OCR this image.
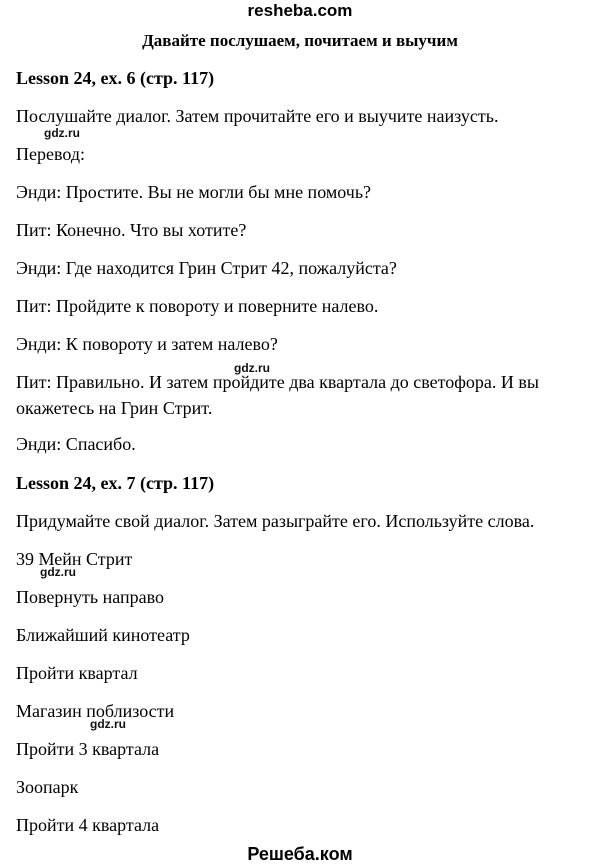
resheba.com
Давайте послушаем, почитаем и выучим
Lesson 24, ex. 6 (стр. 117)
Послушайте диалог. Затем прочитайте его и выучите наизусть.
gdz.ru
Перевод:
Энди: Простите. Вы не могли бы мне помочь?
Пит: Конечно. Что вы хотите?
Энди: Где находится Грин Стрит 42, пожалуйста?
Пит: Пройдите к повороту и поверните налево.
Энди: К повороту и затем налево?
gdz.ru
Пит: Правильно. И затем пройдите два квартала до светофора. И вы
окажетесь на Грин Стрит.
Энди: Спасибо.
Lesson 24, ex. 7 (стр. 117)
Придумайте свой диалог. Затем разыграйте его. Используйте слова.
39 Мейн Стрит
gdz.ru
Повернуть направо
Ближайший кинотеатр
Пройти квартал
Магазин поблизости
gdz.ru
Пройти 3 квартала
Зоопарк
Пройти 4 квартала
Решеба.ком
